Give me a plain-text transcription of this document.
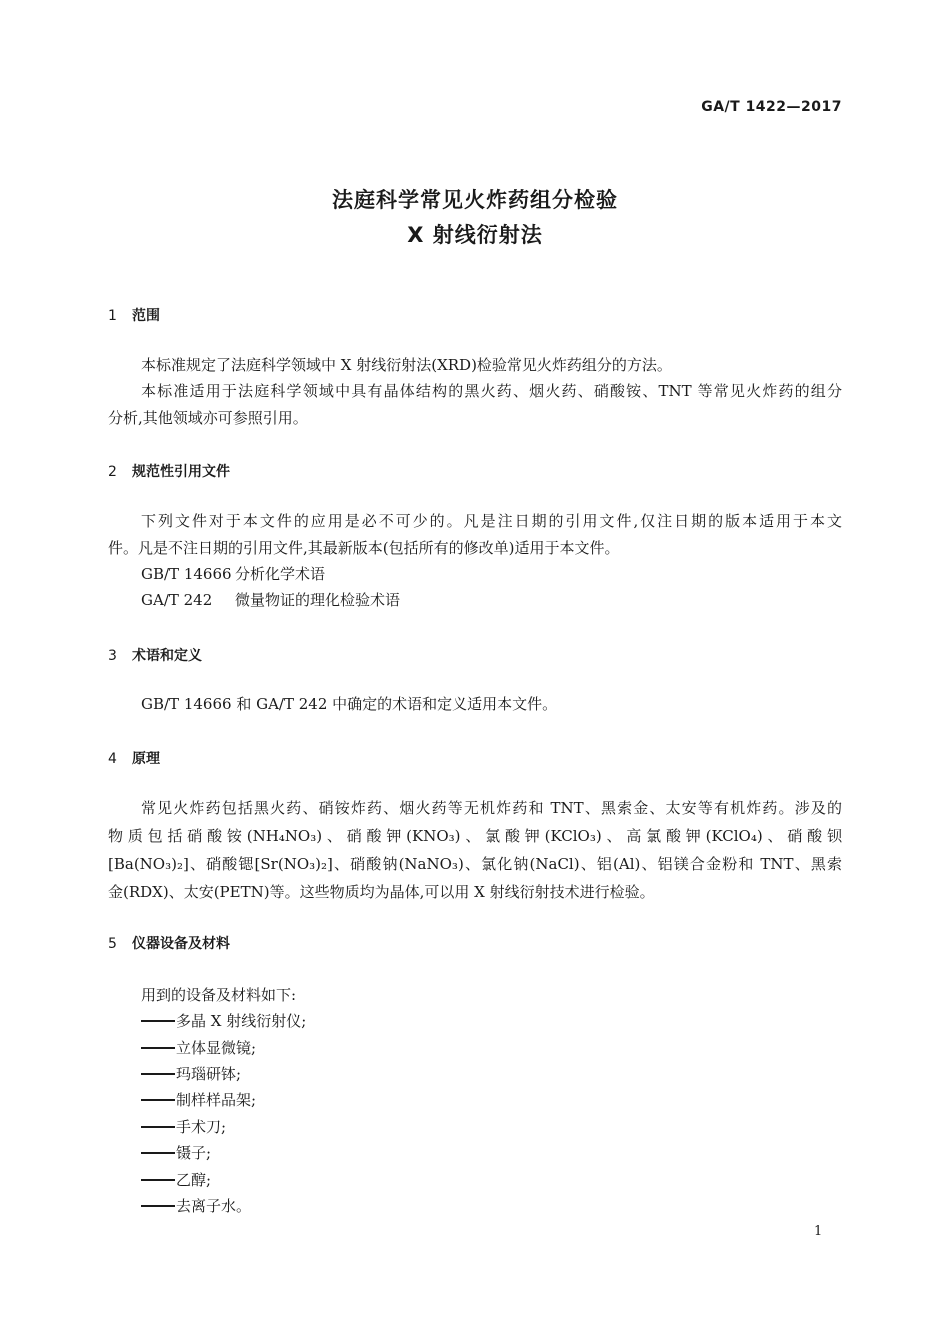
GA/T 1422—2017
法庭科学常见火炸药组分检验
X 射线衍射法
1 范围
本标准规定了法庭科学领域中 X 射线衍射法(XRD)检验常见火炸药组分的方法。
本标准适用于法庭科学领域中具有晶体结构的黑火药、烟火药、硝酸铵、TNT 等常见火炸药的组分
分析,其他领域亦可参照引用。
2 规范性引用文件
下列文件对于本文件的应用是必不可少的。凡是注日期的引用文件,仅注日期的版本适用于本文
件。凡是不注日期的引用文件,其最新版本(包括所有的修改单)适用于本文件。
GB/T 14666 分析化学术语
GA/T 242 微量物证的理化检验术语
3 术语和定义
GB/T 14666 和 GA/T 242 中确定的术语和定义适用本文件。
4 原理
常见火炸药包括黑火药、硝铵炸药、烟火药等无机炸药和 TNT、黑索金、太安等有机炸药。涉及的
物质包括硝酸铵(NH₄NO₃)、硝酸钾(KNO₃)、氯酸钾(KClO₃)、高氯酸钾(KClO₄)、硝酸钡
[Ba(NO₃)₂]、硝酸锶[Sr(NO₃)₂]、硝酸钠(NaNO₃)、氯化钠(NaCl)、铝(Al)、铝镁合金粉和 TNT、黑索
金(RDX)、太安(PETN)等。这些物质均为晶体,可以用 X 射线衍射技术进行检验。
5 仪器设备及材料
用到的设备及材料如下:
多晶 X 射线衍射仪;
立体显微镜;
玛瑙研钵;
制样样品架;
手术刀;
镊子;
乙醇;
去离子水。
1
